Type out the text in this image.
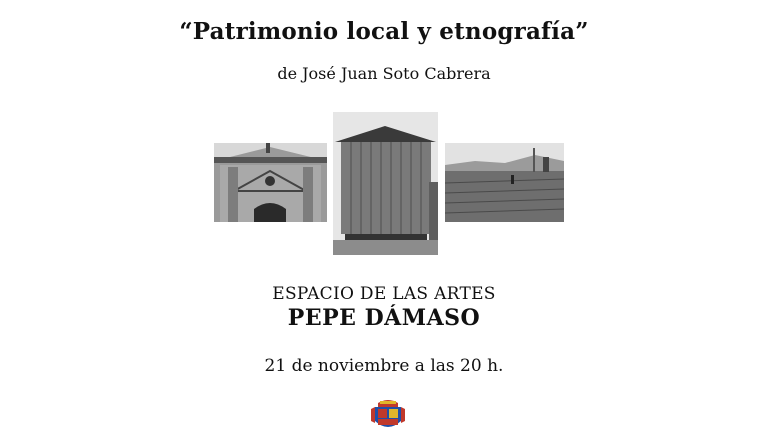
“Patrimonio local y etnografía”
de José Juan Soto Cabrera
ESPACIO DE LAS ARTES
PEPE DÁMASO
21 de noviembre a las 20 h.
